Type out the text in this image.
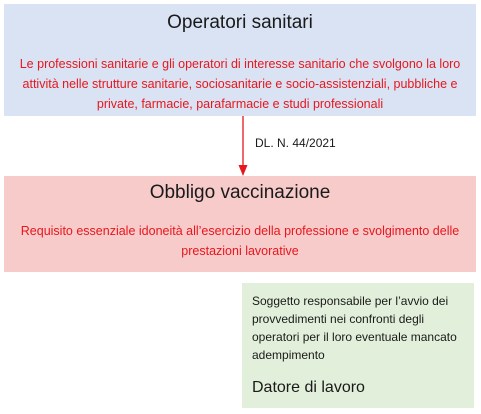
Operatori sanitari
Le professioni sanitarie e gli operatori di interesse sanitario che svolgono la loro attività nelle strutture sanitarie, sociosanitarie e socio-assistenziali, pubbliche e private, farmacie, parafarmacie e studi professionali
DL. N. 44/2021
Obbligo vaccinazione
Requisito essenziale idoneità all’esercizio della professione e svolgimento delle prestazioni lavorative
Soggetto responsabile per l’avvio dei provvedimenti nei confronti degli operatori per il loro eventuale mancato adempimento
Datore di lavoro
